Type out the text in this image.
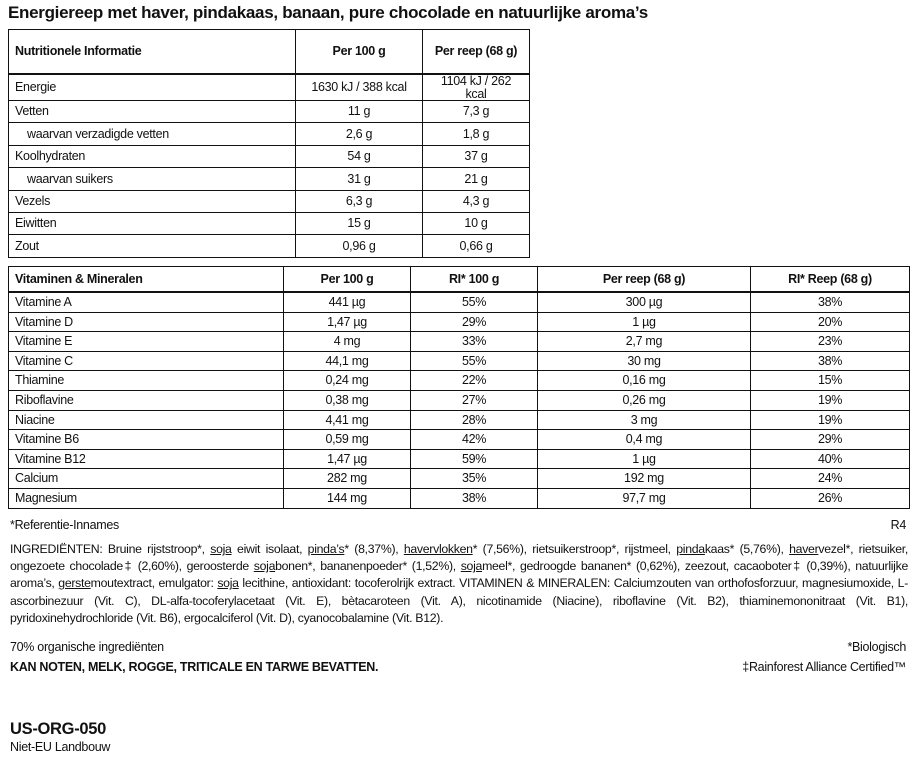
Energiereep met haver, pindakaas, banaan, pure chocolade en natuurlijke aroma’s
Nutritionele Informatie	Per 100 g	Per reep (68 g)
Energie	1630 kJ / 388 kcal	1104 kJ / 262 kcal
Vetten	11 g	7,3 g
waarvan verzadigde vetten	2,6 g	1,8 g
Koolhydraten	54 g	37 g
waarvan suikers	31 g	21 g
Vezels	6,3 g	4,3 g
Eiwitten	15 g	10 g
Zout	0,96 g	0,66 g
Vitaminen & Mineralen	Per 100 g	RI* 100 g	Per reep (68 g)	RI* Reep (68 g)
Vitamine A	441 µg	55%	300 µg	38%
Vitamine D	1,47 µg	29%	1 µg	20%
Vitamine E	4 mg	33%	2,7 mg	23%
Vitamine C	44,1 mg	55%	30 mg	38%
Thiamine	0,24 mg	22%	0,16 mg	15%
Riboflavine	0,38 mg	27%	0,26 mg	19%
Niacine	4,41 mg	28%	3 mg	19%
Vitamine B6	0,59 mg	42%	0,4 mg	29%
Vitamine B12	1,47 µg	59%	1 µg	40%
Calcium	282 mg	35%	192 mg	24%
Magnesium	144 mg	38%	97,7 mg	26%
*Referentie-Innames	R4
INGREDIËNTEN: Bruine rijststroop*, soja eiwit isolaat, pinda’s* (8,37%), havervlokken* (7,56%), rietsuikerstroop*, rijstmeel, pindakaas* (5,76%), havervezel*, rietsuiker, ongezoete chocolade‡ (2,60%), geroosterde sojabonen*, bananenpoeder* (1,52%), sojameel*, gedroogde bananen* (0,62%), zeezout, cacaoboter‡ (0,39%), natuurlijke aroma’s, gerstemoutextract, emulgator: soja lecithine, antioxidant: tocoferolrijk extract. VITAMINEN & MINERALEN: Calciumzouten van orthofosforzuur, magnesiumoxide, L-ascorbinezuur (Vit. C), DL-alfa-tocoferylacetaat (Vit. E), bètacaroteen (Vit. A), nicotinamide (Niacine), riboflavine (Vit. B2), thiaminemononitraat (Vit. B1), pyridoxinehydrochloride (Vit. B6), ergocalciferol (Vit. D), cyanocobalamine (Vit. B12).
70% organische ingrediënten	*Biologisch
KAN NOTEN, MELK, ROGGE, TRITICALE EN TARWE BEVATTEN.	‡Rainforest Alliance Certified™
US-ORG-050
Niet-EU Landbouw
